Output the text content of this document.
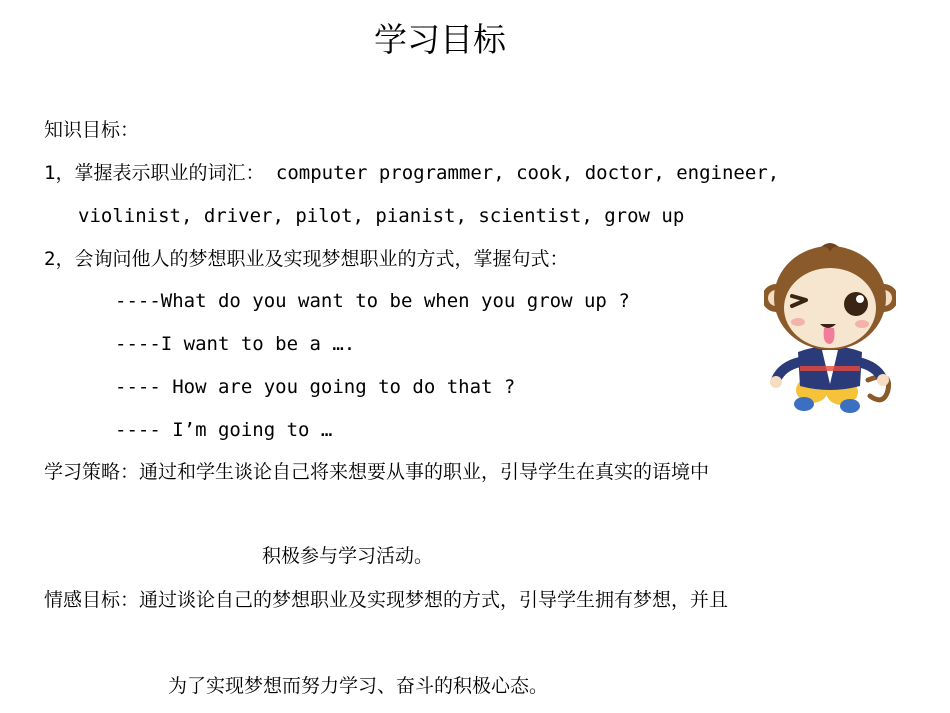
学习目标
知识目标：
1，掌握表示职业的词汇： computer programmer, cook, doctor, engineer,
violinist, driver, pilot, pianist, scientist, grow up
2，会询问他人的梦想职业及实现梦想职业的方式，掌握句式：
----What do you want to be when you grow up ?
----I want to be a ….
---- How are you going to do that ?
---- I’m going to …
学习策略：通过和学生谈论自己将来想要从事的职业，引导学生在真实的语境中
积极参与学习活动。
情感目标：通过谈论自己的梦想职业及实现梦想的方式，引导学生拥有梦想，并且
为了实现梦想而努力学习、奋斗的积极心态。
